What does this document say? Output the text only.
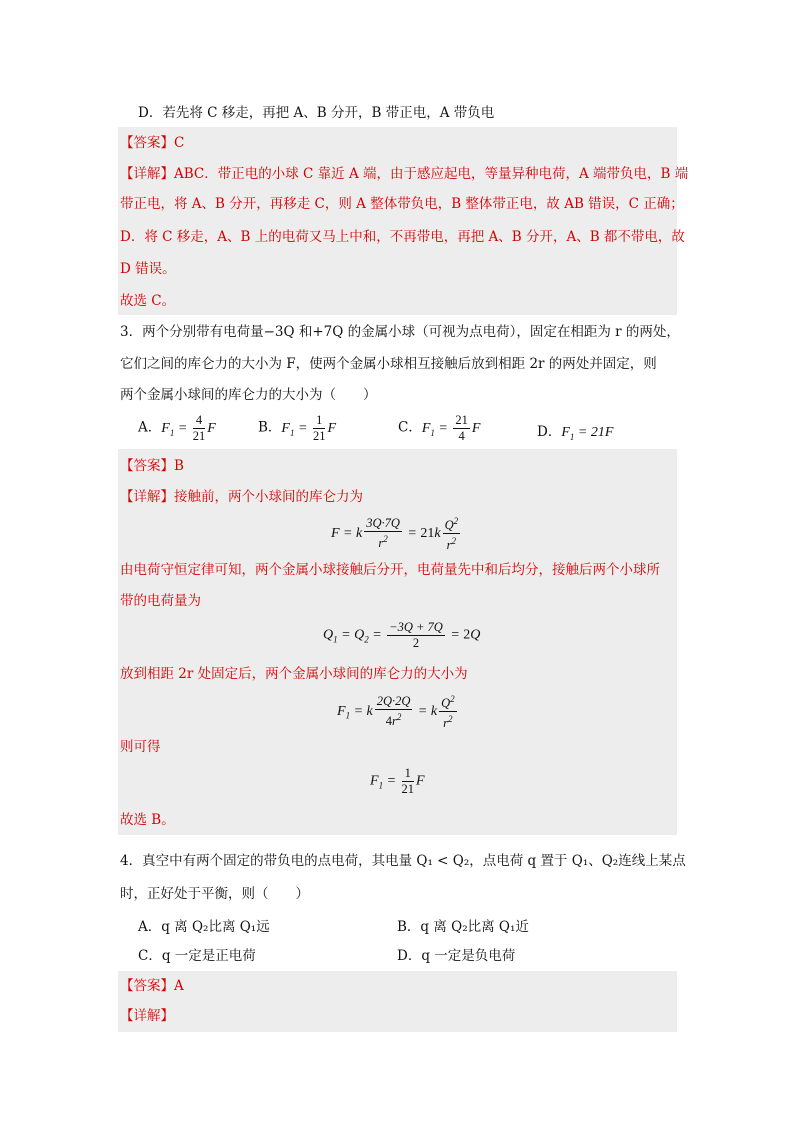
D．若先将 C 移走，再把 A、B 分开，B 带正电，A 带负电
【答案】C
【详解】ABC．带正电的小球 C 靠近 A 端，由于感应起电，等量异种电荷，A 端带负电，B 端
带正电，将 A、B 分开，再移走 C，则 A 整体带负电，B 整体带正电，故 AB 错误，C 正确；
D．将 C 移走，A、B 上的电荷又马上中和，不再带电，再把 A、B 分开，A、B 都不带电，故
D 错误。
故选 C。
3．两个分别带有电荷量−3Q 和+7Q 的金属小球（可视为点电荷），固定在相距为 r 的两处，
它们之间的库仑力的大小为 F，使两个金属小球相互接触后放到相距 2r 的两处并固定，则
两个金属小球间的库仑力的大小为（　　）
A．$F_1 = \frac{4}{21}$ F	B．$F_1 = \frac{1}{21}$ F	C．$F_1 = \frac{21}{4}$ F	D．$F_1 = 21F$
【答案】B
【详解】接触前，两个小球间的库仑力为
F = k $\frac{3Q\cdot 7Q}{r^2} = 21k \frac{Q^2}{r^2}$
由电荷守恒定律可知，两个金属小球接触后分开，电荷量先中和后均分，接触后两个小球所
带的电荷量为
$Q_1 = Q_2 = \frac{-3Q + 7Q}{2} = 2Q$
放到相距 2r 处固定后，两个金属小球间的库仑力的大小为
$F_1 = k \frac{2Q\cdot 2Q}{4r^2} = k \frac{Q^2}{r^2}$
则可得
$F_1 = \frac{1}{21}$ F
故选 B。
4．真空中有两个固定的带负电的点电荷，其电量 Q₁ < Q₂，点电荷 q 置于 Q₁、Q₂连线上某点
时，正好处于平衡，则（　　）
A．q 离 Q₂比离 Q₁远	B．q 离 Q₂比离 Q₁近
C．q 一定是正电荷	D．q 一定是负电荷
【答案】A
【详解】
